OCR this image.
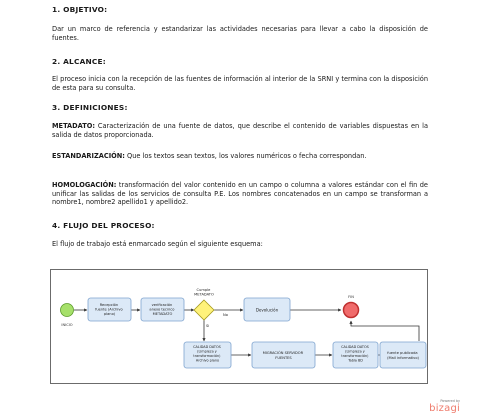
1. OBJETIVO:
Dar un marco de referencia y estandarizar las actividades necesarias para llevar a cabo la disposición de fuentes.
2. ALCANCE:
El proceso inicia con la recepción de las fuentes de información al interior de la SRNI y termina con la disposición de esta para su consulta.
3. DEFINICIONES:
METADATO: Caracterización de una fuente de datos, que describe el contenido de variables dispuestas en la salida de datos proporcionada.
ESTANDARIZACIÓN: Que los textos sean textos, los valores numéricos o fecha correspondan.
HOMOLOGACIÓN: transformación del valor contenido en un campo o columna a valores estándar con el fin de unificar las salidas de los servicios de consulta P.E. Los nombres concatenados en un campo se transforman a nombre1, nombre2 apellido1 y apellido2.
4. FLUJO DEL PROCESO:
El flujo de trabajo está enmarcado según el siguiente esquema:
INICIO
Recepción fuente (Archivo plano)
verificación anexo tecnico METADATO
Cumple METADATO
No
Si
Devolución
FIN
CALIDAD DATOS (Limpieza y transformación) Archivo plano
MIGRACIÓN SERVIDOR FUENTES
CALIDAD DATOS (Limpieza y transformación) Tabla BD
fuente publicada (Mail informativo)
Powered by
bizagi
